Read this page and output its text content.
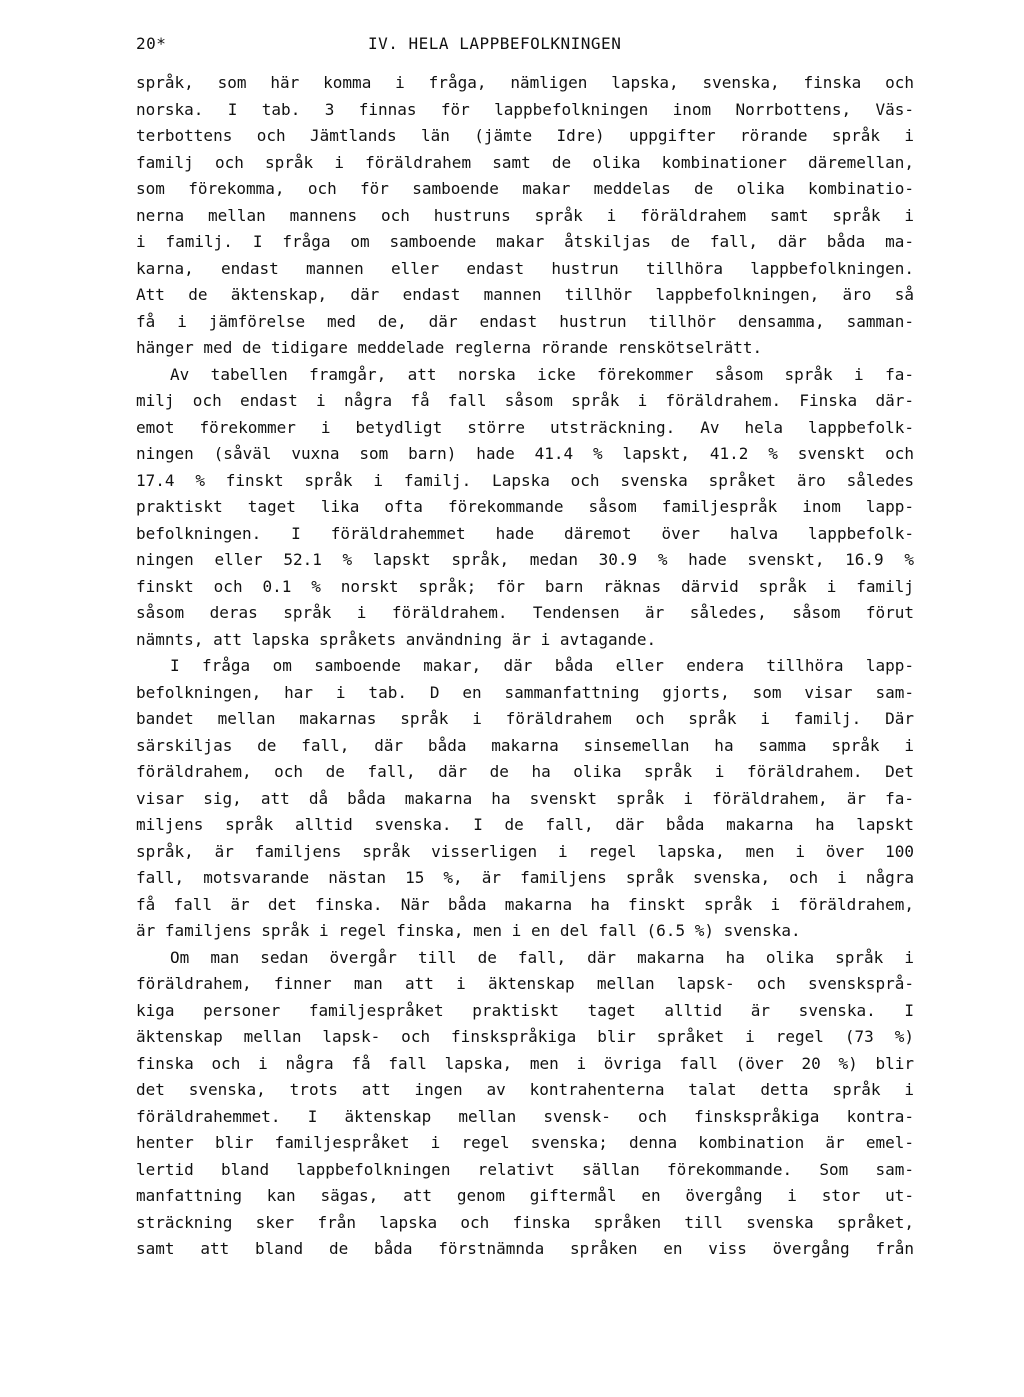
20*	IV. HELA LAPPBEFOLKNINGEN
språk, som här komma i fråga, nämligen lapska, svenska, finska och
norska. I tab. 3 finnas för lappbefolkningen inom Norrbottens, Väs-
terbottens och Jämtlands län (jämte Idre) uppgifter rörande språk i
familj och språk i föräldrahem samt de olika kombinationer däremellan,
som förekomma, och för samboende makar meddelas de olika kombinatio-
nerna mellan mannens och hustruns språk i föräldrahem samt språk i
i familj. I fråga om samboende makar åtskiljas de fall, där båda ma-
karna, endast mannen eller endast hustrun tillhöra lappbefolkningen.
Att de äktenskap, där endast mannen tillhör lappbefolkningen, äro så
få i jämförelse med de, där endast hustrun tillhör densamma, samman-
hänger med de tidigare meddelade reglerna rörande renskötselrätt.
Av tabellen framgår, att norska icke förekommer såsom språk i fa-
milj och endast i några få fall såsom språk i föräldrahem. Finska där-
emot förekommer i betydligt större utsträckning. Av hela lappbefolk-
ningen (såväl vuxna som barn) hade 41.4 % lapskt, 41.2 % svenskt och
17.4 % finskt språk i familj. Lapska och svenska språket äro således
praktiskt taget lika ofta förekommande såsom familjespråk inom lapp-
befolkningen. I föräldrahemmet hade däremot över halva lappbefolk-
ningen eller 52.1 % lapskt språk, medan 30.9 % hade svenskt, 16.9 %
finskt och 0.1 % norskt språk; för barn räknas därvid språk i familj
såsom deras språk i föräldrahem. Tendensen är således, såsom förut
nämnts, att lapska språkets användning är i avtagande.
I fråga om samboende makar, där båda eller endera tillhöra lapp-
befolkningen, har i tab. D en sammanfattning gjorts, som visar sam-
bandet mellan makarnas språk i föräldrahem och språk i familj. Där
särskiljas de fall, där båda makarna sinsemellan ha samma språk i
föräldrahem, och de fall, där de ha olika språk i föräldrahem. Det
visar sig, att då båda makarna ha svenskt språk i föräldrahem, är fa-
miljens språk alltid svenska. I de fall, där båda makarna ha lapskt
språk, är familjens språk visserligen i regel lapska, men i över 100
fall, motsvarande nästan 15 %, är familjens språk svenska, och i några
få fall är det finska. När båda makarna ha finskt språk i föräldrahem,
är familjens språk i regel finska, men i en del fall (6.5 %) svenska.
Om man sedan övergår till de fall, där makarna ha olika språk i
föräldrahem, finner man att i äktenskap mellan lapsk- och svensksprå-
kiga personer familjespråket praktiskt taget alltid är svenska. I
äktenskap mellan lapsk- och finskspråkiga blir språket i regel (73 %)
finska och i några få fall lapska, men i övriga fall (över 20 %) blir
det svenska, trots att ingen av kontrahenterna talat detta språk i
föräldrahemmet. I äktenskap mellan svensk- och finskspråkiga kontra-
henter blir familjespråket i regel svenska; denna kombination är emel-
lertid bland lappbefolkningen relativt sällan förekommande. Som sam-
manfattning kan sägas, att genom giftermål en övergång i stor ut-
sträckning sker från lapska och finska språken till svenska språket,
samt att bland de båda förstnämnda språken en viss övergång från
